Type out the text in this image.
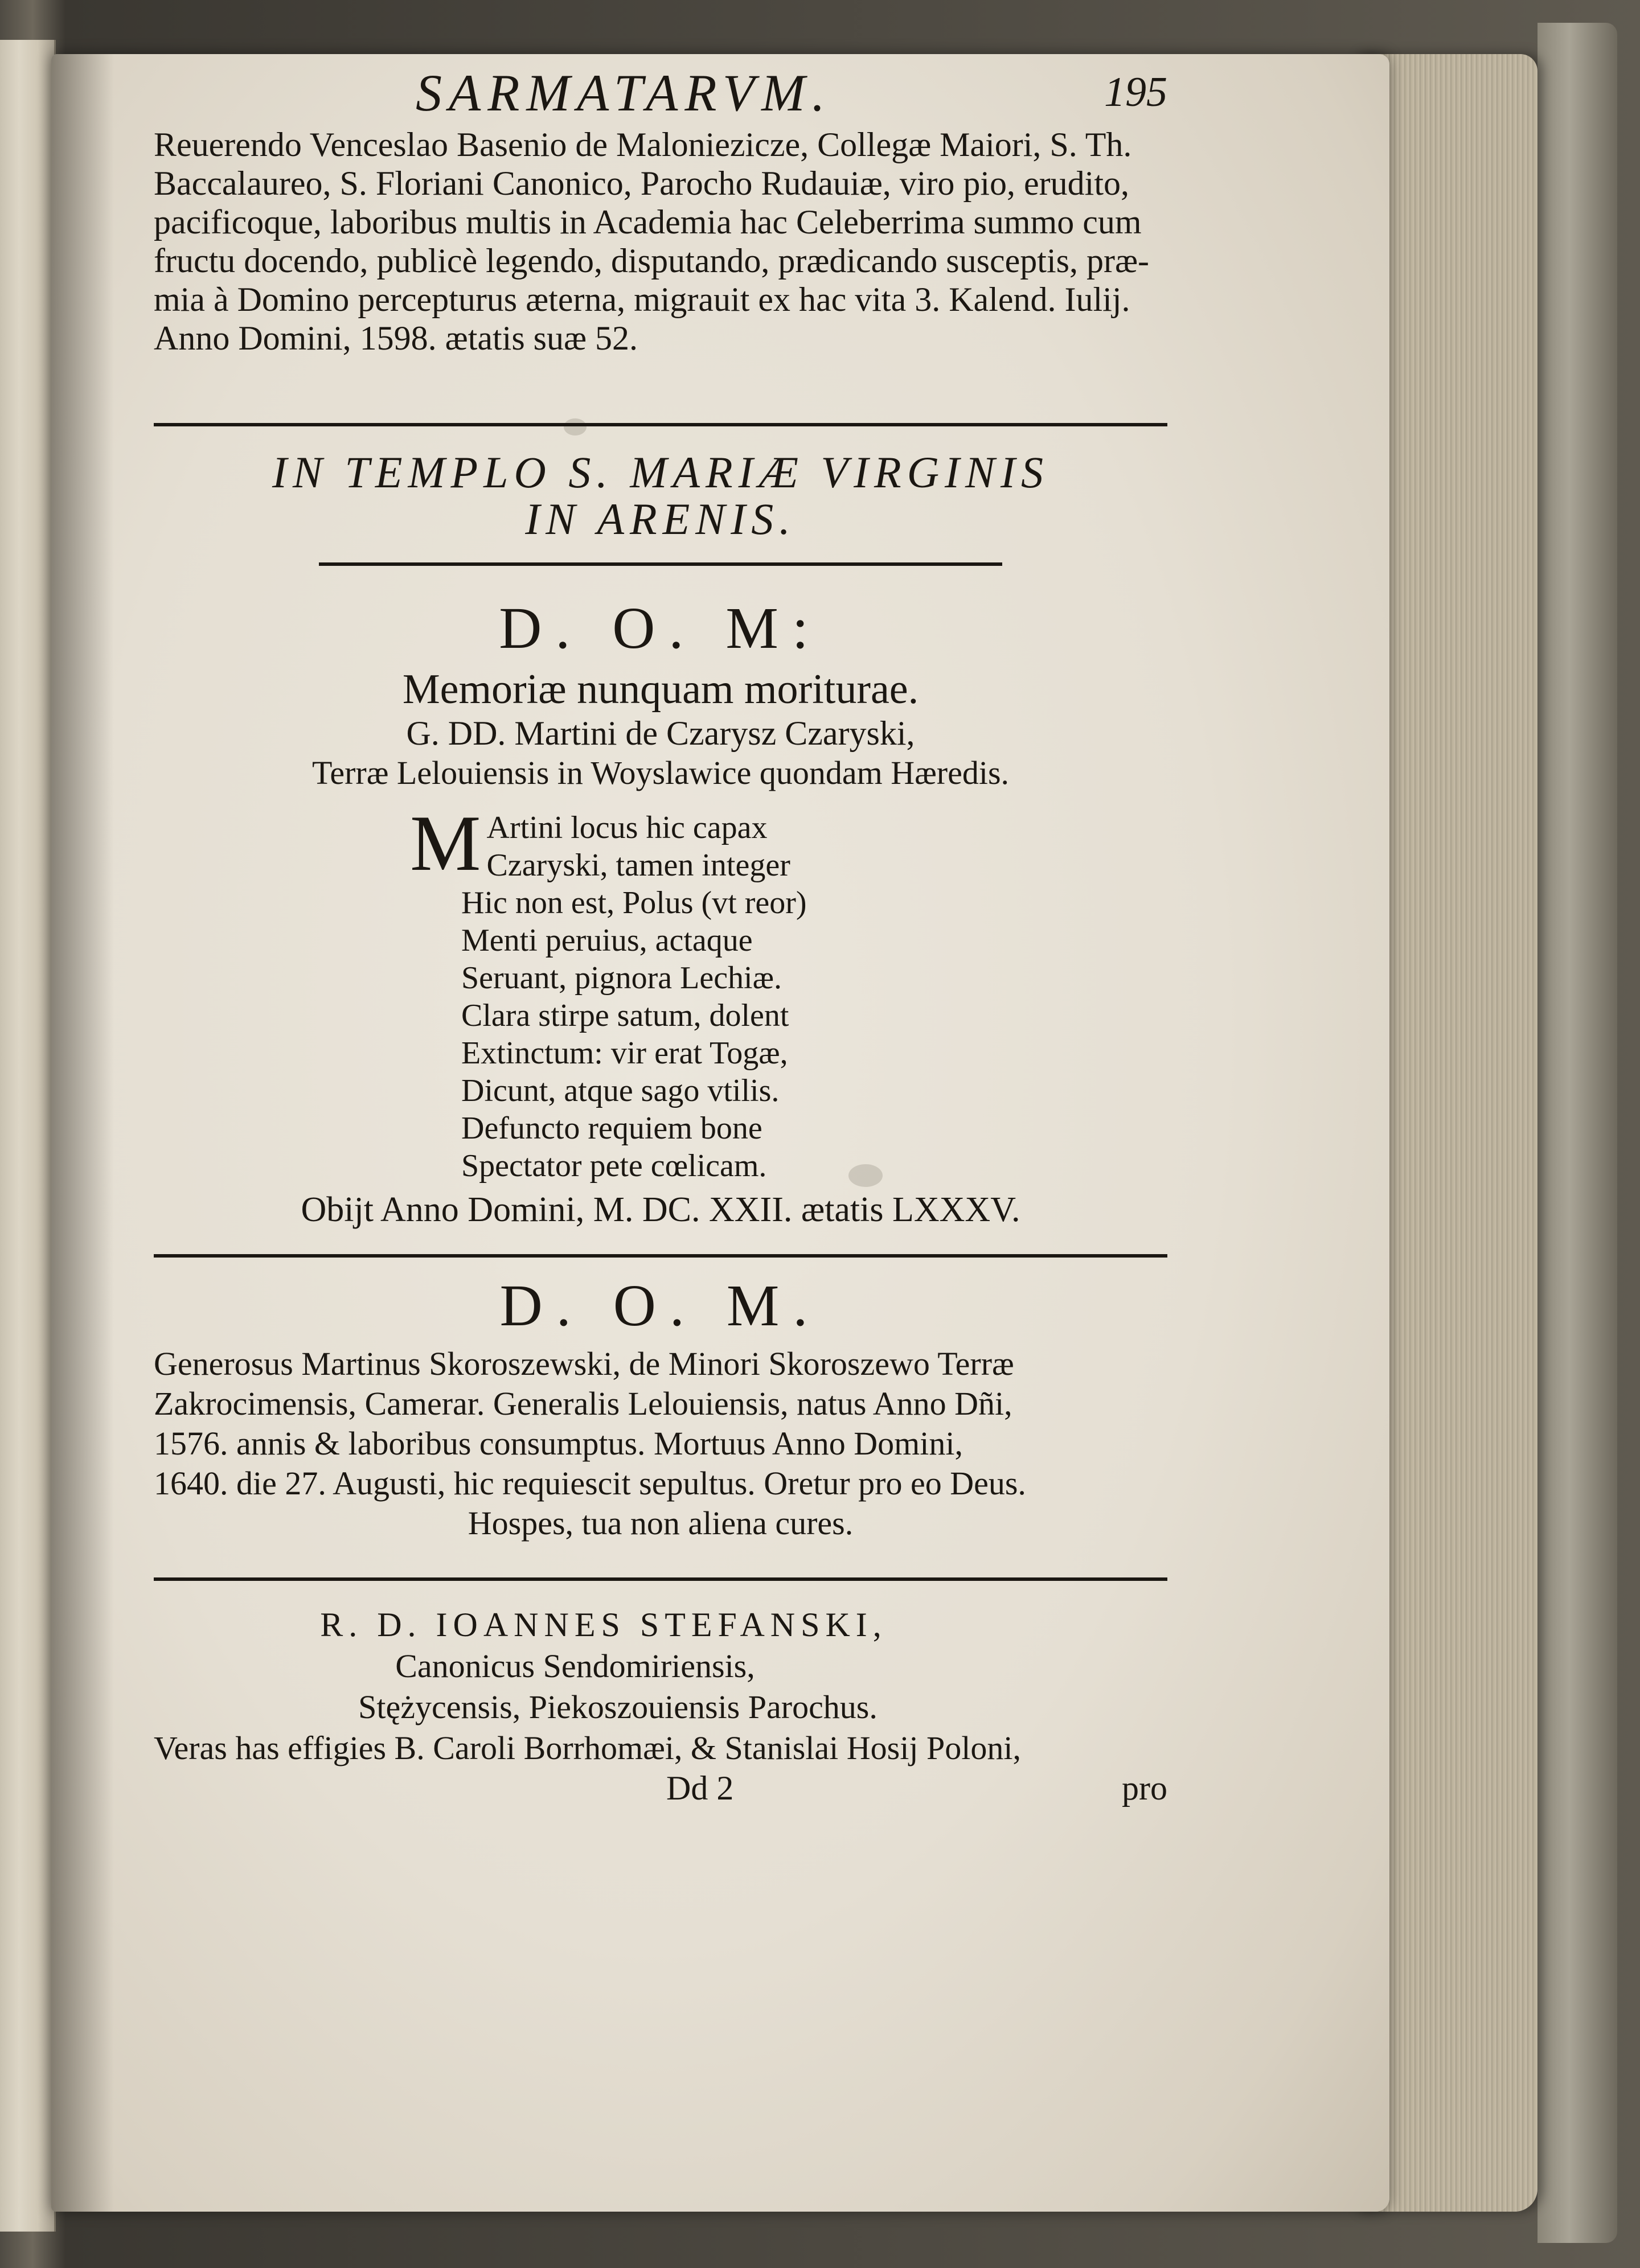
SARMATARVM.	195

Reuerendo Venceslao Basenio de Maloniezicze, Collegæ Maiori, S. Th.
Baccalaureo, S. Floriani Canonico, Parocho Rudauiæ, viro pio, erudito,
pacificoque, laboribus multis in Academia hac Celeberrima summo cum
fructu docendo, publicè legendo, disputando, prædicando susceptis, præ-
mia à Domino percepturus æterna, migrauit ex hac vita 3. Kalend. Iulij.
Anno Domini, 1598. ætatis suæ 52.

IN TEMPLO S. MARIÆ VIRGINIS
IN ARENIS.

D. O. M:

Memoriæ nunquam moriturae.

G. DD. Martini de Czarysz Czaryski,

Terræ Lelouiensis in Woyslawice quondam Hæredis.

M Artini locus hic capax
Czaryski, tamen integer
Hic non est, Polus (vt reor)
Menti peruius, actaque
Seruant, pignora Lechiæ.
Clara stirpe satum, dolent
Extinctum: vir erat Togæ,
Dicunt, atque sago vtilis.
Defuncto requiem bone
Spectator pete cœlicam.

Obijt Anno Domini, M. DC. XXII. ætatis LXXXV.

D. O. M.

Generosus Martinus Skoroszewski, de Minori Skoroszewo Terræ
Zakrocimensis, Camerar. Generalis Lelouiensis, natus Anno Dñi,
1576. annis & laboribus consumptus. Mortuus Anno Domini,
1640. die 27. Augusti, hic requiescit sepultus. Oretur pro eo Deus.

Hospes, tua non aliena cures.

R. D. IOANNES STEFANSKI,

Canonicus Sendomiriensis,

Stężycensis, Piekoszouiensis Parochus.

Veras has effigies B. Caroli Borrhomæi, & Stanislai Hosij Poloni,

Dd 2	pro
